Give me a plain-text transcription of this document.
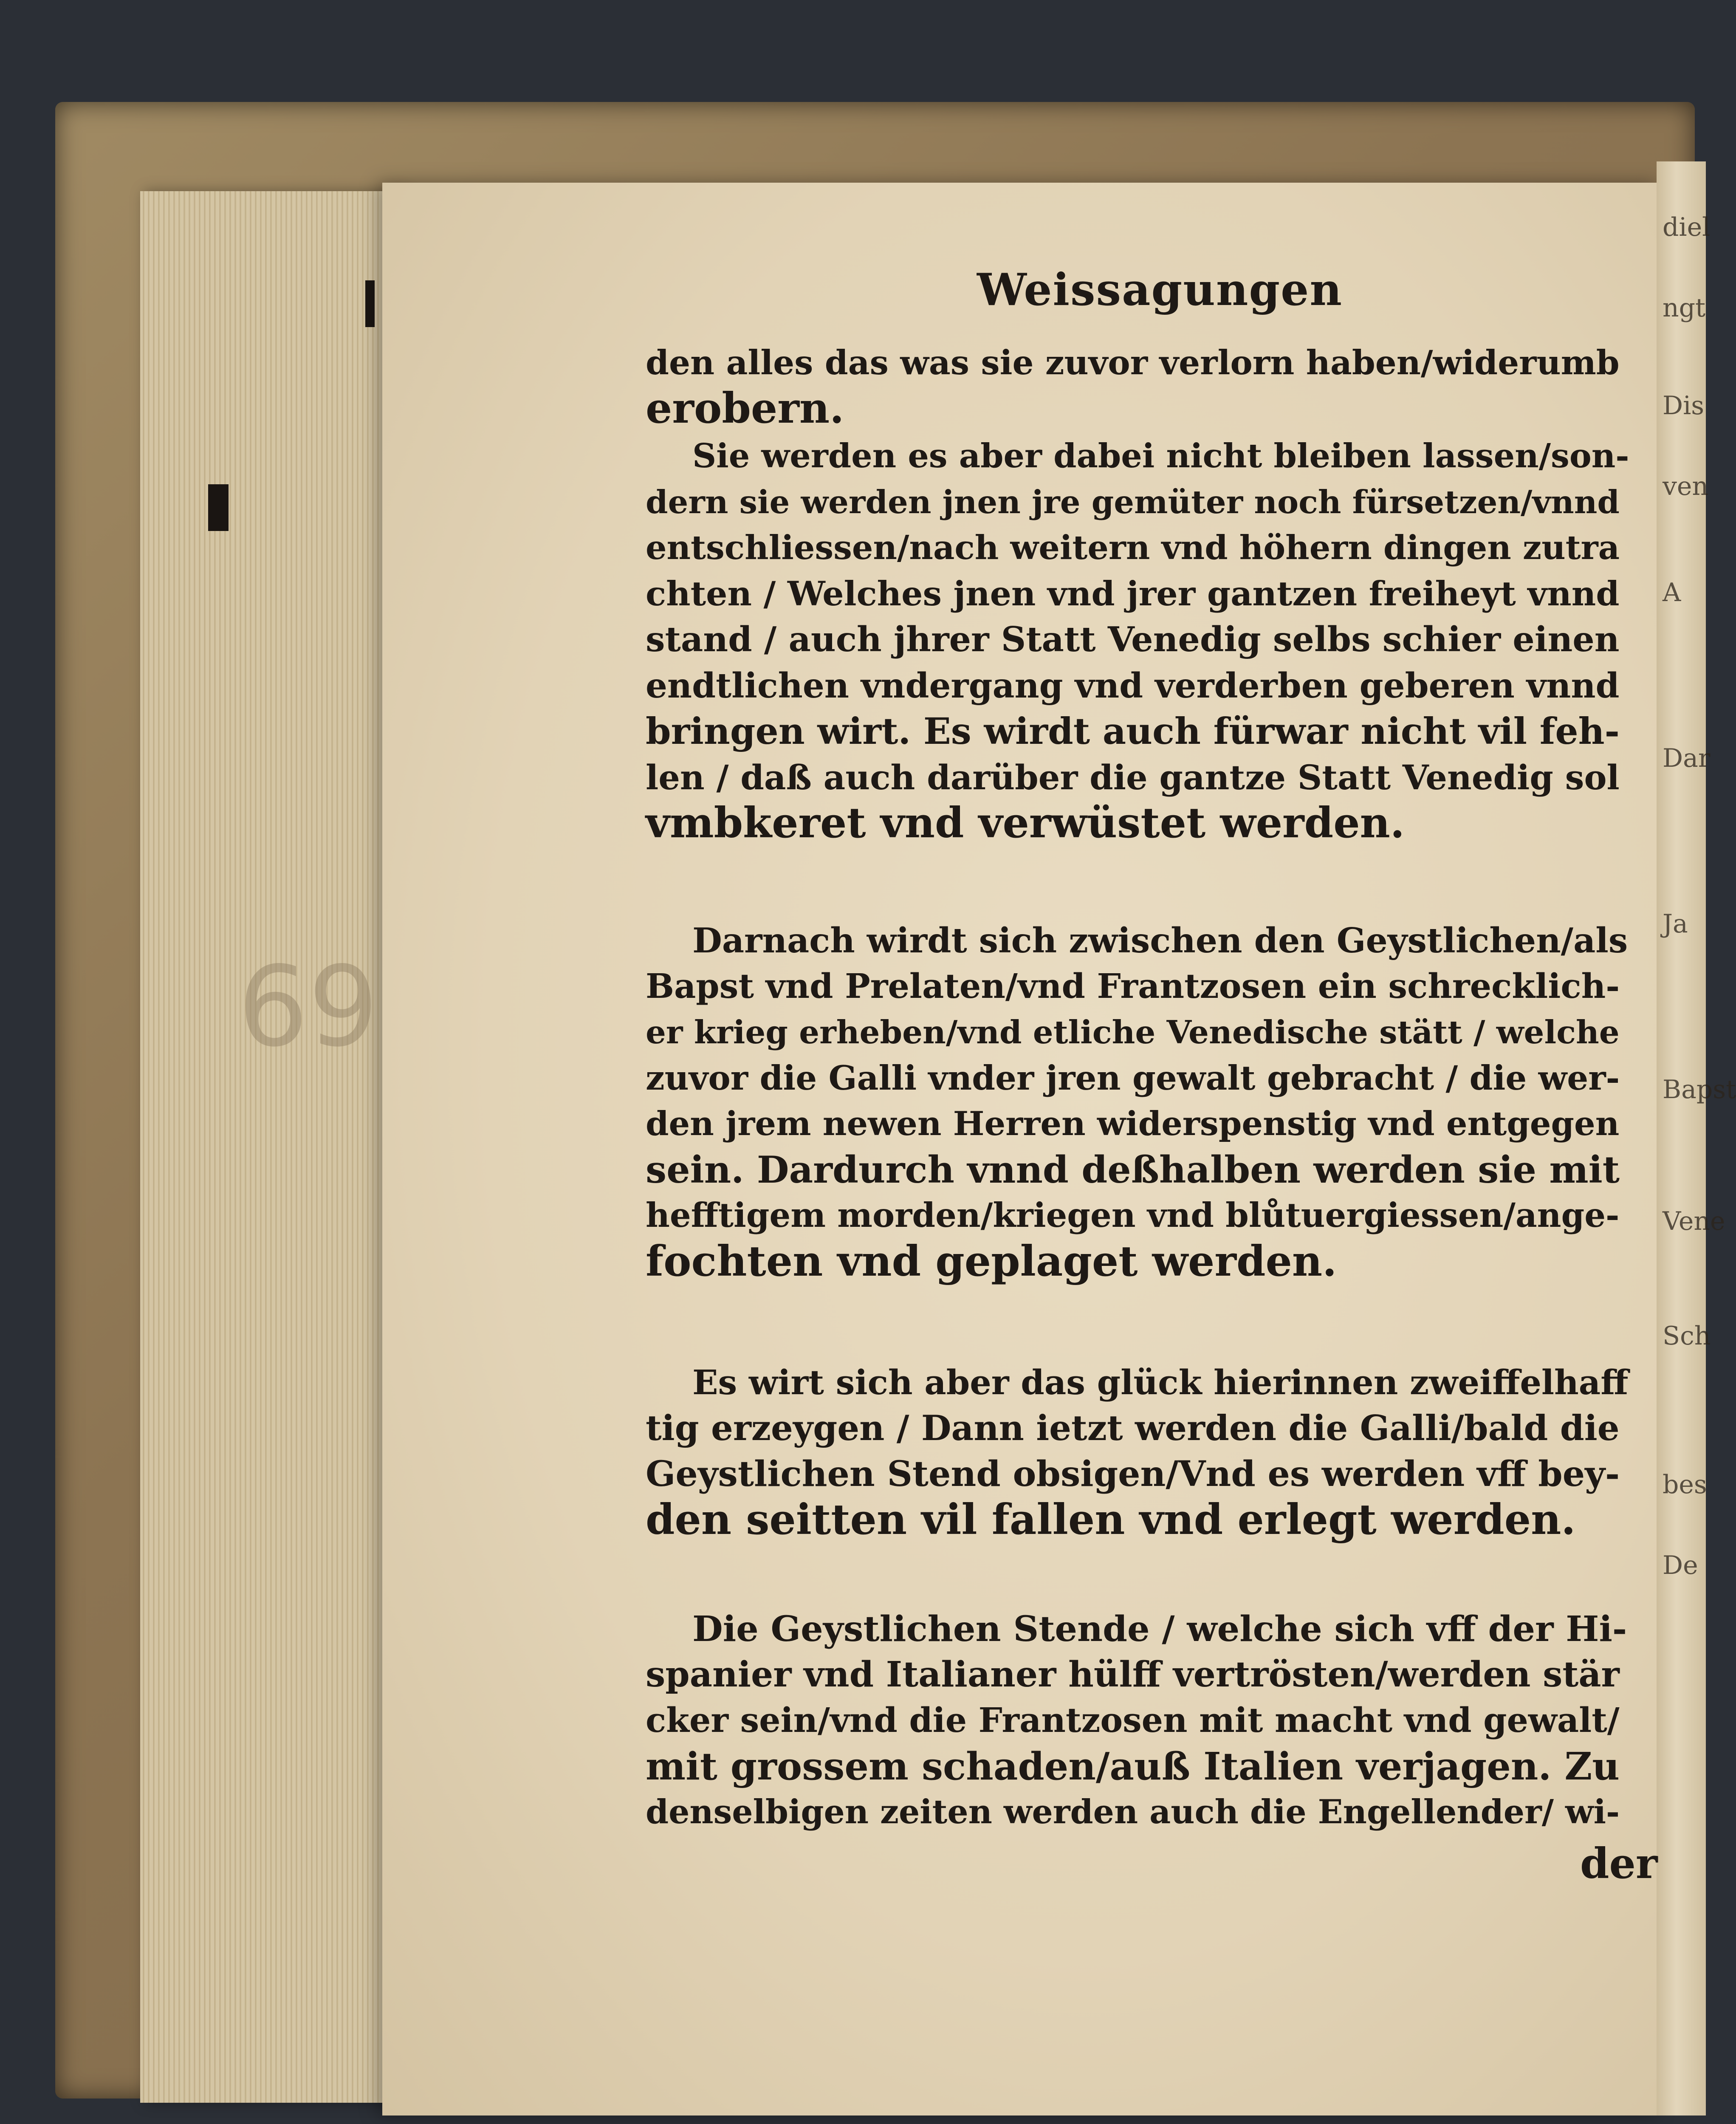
diel
ngt
Dis
ven
A
Dar
Ja
Bapst
Vene
Sch
bes
De
69
Weissagungen
den alles das was sie zuvor verlorn haben/widerumb
erobern.
Sie werden es aber dabei nicht bleiben lassen/son-
dern sie werden jnen jre gemüter noch fürsetzen/vnnd
entschliessen/nach weitern vnd höhern dingen zutra
chten / Welches jnen vnd jrer gantzen freiheyt vnnd
stand / auch jhrer Statt Venedig selbs schier einen
endtlichen vndergang vnd verderben geberen vnnd
bringen wirt. Es wirdt auch fürwar nicht vil feh-
len / daß auch darüber die gantze Statt Venedig sol
vmbkeret vnd verwüstet werden.
Darnach wirdt sich zwischen den Geystlichen/als
Bapst vnd Prelaten/vnd Frantzosen ein schrecklich-
er krieg erheben/vnd etliche Venedische stätt / welche
zuvor die Galli vnder jren gewalt gebracht / die wer-
den jrem newen Herren widerspenstig vnd entgegen
sein. Dardurch vnnd deßhalben werden sie mit
hefftigem morden/kriegen vnd blůtuergiessen/ange-
fochten vnd geplaget werden.
Es wirt sich aber das glück hierinnen zweiffelhaff
tig erzeygen / Dann ietzt werden die Galli/bald die
Geystlichen Stend obsigen/Vnd es werden vff bey-
den seitten vil fallen vnd erlegt werden.
Die Geystlichen Stende / welche sich vff der Hi-
spanier vnd Italianer hülff vertrösten/werden stär
cker sein/vnd die Frantzosen mit macht vnd gewalt/
mit grossem schaden/auß Italien verjagen. Zu
denselbigen zeiten werden auch die Engellender/ wi-
der
